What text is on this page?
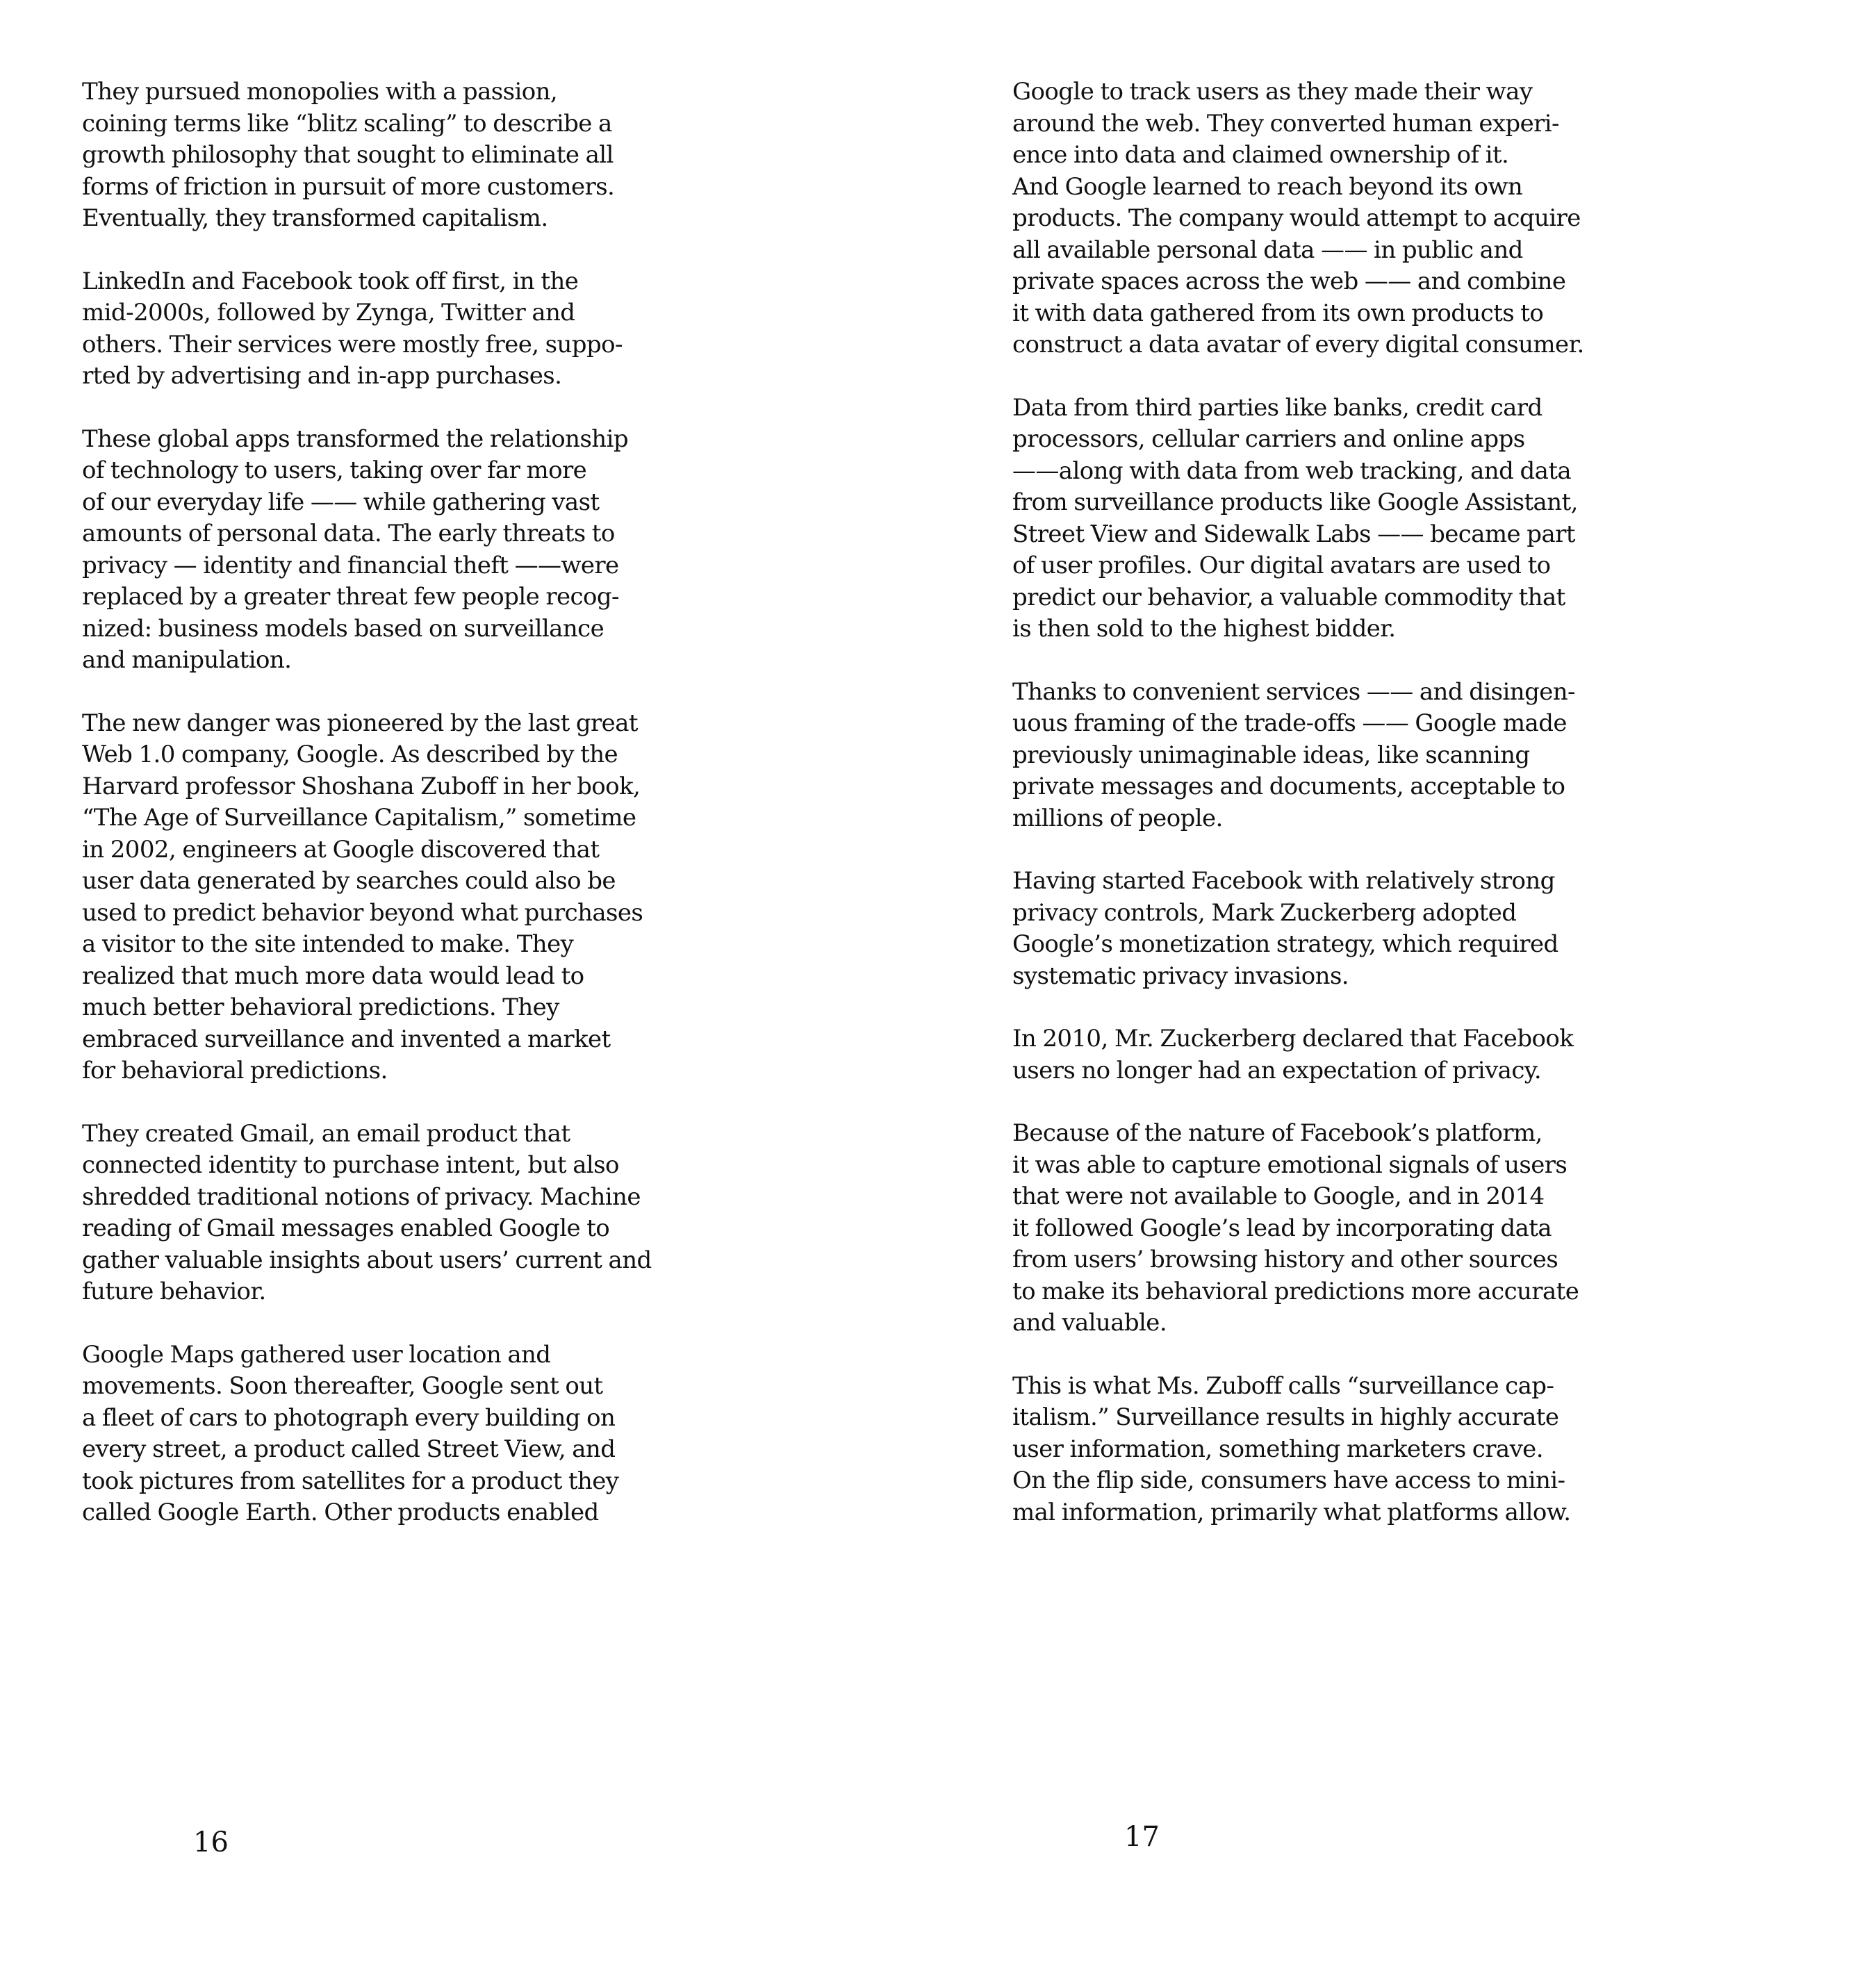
They pursued monopolies with a passion,
coining terms like “blitz scaling” to describe a
growth philosophy that sought to eliminate all
forms of friction in pursuit of more customers.
Eventually, they transformed capitalism.

LinkedIn and Facebook took off first, in the
mid-2000s, followed by Zynga, Twitter and
others. Their services were mostly free, suppo-
rted by advertising and in-app purchases.

These global apps transformed the relationship
of technology to users, taking over far more
of our everyday life —— while gathering vast
amounts of personal data. The early threats to
privacy — identity and financial theft ——were
replaced by a greater threat few people recog-
nized: business models based on surveillance
and manipulation.

The new danger was pioneered by the last great
Web 1.0 company, Google. As described by the
Harvard professor Shoshana Zuboff in her book,
“The Age of Surveillance Capitalism,” sometime
in 2002, engineers at Google discovered that
user data generated by searches could also be
used to predict behavior beyond what purchases
a visitor to the site intended to make. They
realized that much more data would lead to
much better behavioral predictions. They
embraced surveillance and invented a market
for behavioral predictions.

They created Gmail, an email product that
connected identity to purchase intent, but also
shredded traditional notions of privacy. Machine
reading of Gmail messages enabled Google to
gather valuable insights about users’ current and
future behavior.

Google Maps gathered user location and
movements. Soon thereafter, Google sent out
a fleet of cars to photograph every building on
every street, a product called Street View, and
took pictures from satellites for a product they
called Google Earth. Other products enabled

16

Google to track users as they made their way
around the web. They converted human experi-
ence into data and claimed ownership of it.
And Google learned to reach beyond its own
products. The company would attempt to acquire
all available personal data —— in public and
private spaces across the web —— and combine
it with data gathered from its own products to
construct a data avatar of every digital consumer.

Data from third parties like banks, credit card
processors, cellular carriers and online apps
——along with data from web tracking, and data
from surveillance products like Google Assistant,
Street View and Sidewalk Labs —— became part
of user profiles. Our digital avatars are used to
predict our behavior, a valuable commodity that
is then sold to the highest bidder.

Thanks to convenient services —— and disingen-
uous framing of the trade-offs —— Google made
previously unimaginable ideas, like scanning
private messages and documents, acceptable to
millions of people.

Having started Facebook with relatively strong
privacy controls, Mark Zuckerberg adopted
Google’s monetization strategy, which required
systematic privacy invasions.

In 2010, Mr. Zuckerberg declared that Facebook
users no longer had an expectation of privacy.

Because of the nature of Facebook’s platform,
it was able to capture emotional signals of users
that were not available to Google, and in 2014
it followed Google’s lead by incorporating data
from users’ browsing history and other sources
to make its behavioral predictions more accurate
and valuable.

This is what Ms. Zuboff calls “surveillance cap-
italism.” Surveillance results in highly accurate
user information, something marketers crave.
On the flip side, consumers have access to mini-
mal information, primarily what platforms allow.

17
